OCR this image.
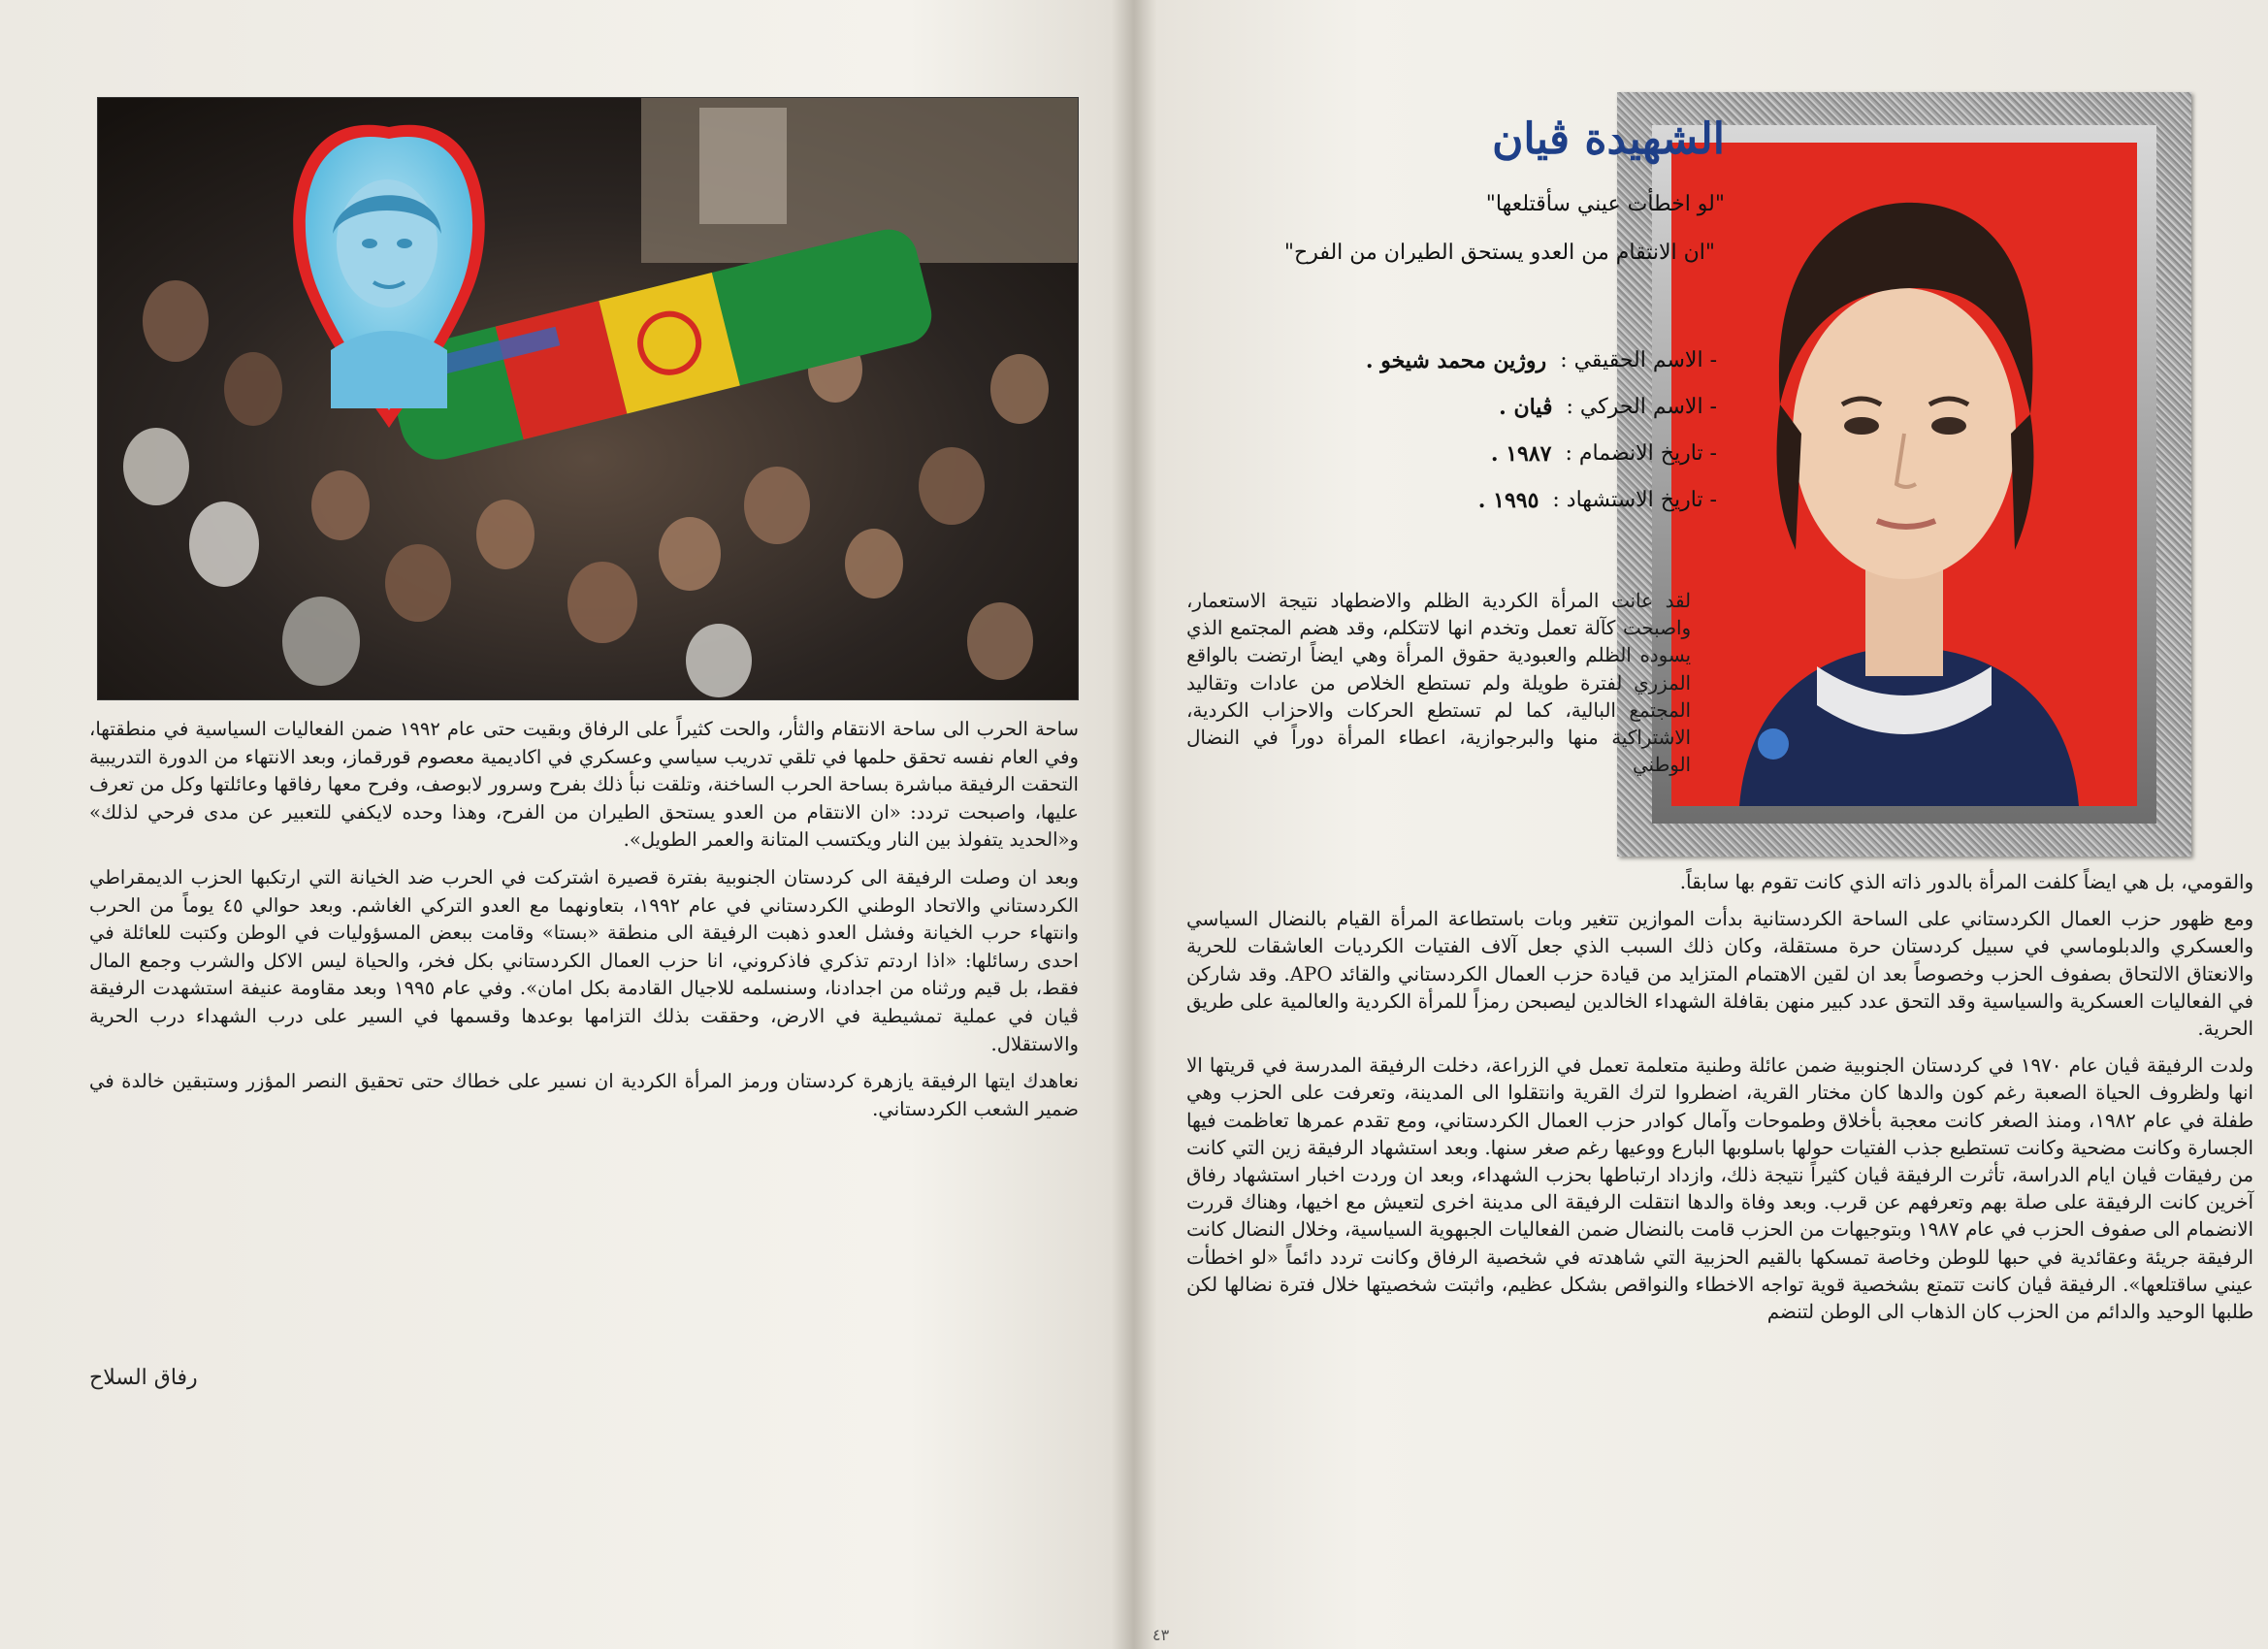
ساحة الحرب الى ساحة الانتقام والثأر، والحت كثيراً على الرفاق وبقيت حتى عام ١٩٩٢ ضمن الفعاليات السياسية في منطقتها، وفي العام نفسه تحقق حلمها في تلقي تدريب سياسي وعسكري في اكاديمية معصوم قورقماز، وبعد الانتهاء من الدورة التدريبية التحقت الرفيقة مباشرة بساحة الحرب الساخنة، وتلقت نبأ ذلك بفرح وسرور لابوصف، وفرح معها رفاقها وعائلتها وكل من تعرف عليها، واصبحت تردد: «ان الانتقام من العدو يستحق الطيران من الفرح، وهذا وحده لايكفي للتعبير عن مدى فرحي لذلك» و«الحديد يتفولذ بين النار ويكتسب المتانة والعمر الطويل».

وبعد ان وصلت الرفيقة الى كردستان الجنوبية بفترة قصيرة اشتركت في الحرب ضد الخيانة التي ارتكبها الحزب الديمقراطي الكردستاني والاتحاد الوطني الكردستاني في عام ١٩٩٢، بتعاونهما مع العدو التركي الغاشم. وبعد حوالي ٤٥ يوماً من الحرب وانتهاء حرب الخيانة وفشل العدو ذهبت الرفيقة الى منطقة «بستا» وقامت ببعض المسؤوليات في الوطن وكتبت للعائلة في احدى رسائلها: «اذا اردتم تذكري فاذكروني، انا حزب العمال الكردستاني بكل فخر، والحياة ليس الاكل والشرب وجمع المال فقط، بل قيم ورثناه من اجدادنا، وسنسلمه للاجيال القادمة بكل امان». وفي عام ١٩٩٥ وبعد مقاومة عنيفة استشهدت الرفيقة ڤيان في عملية تمشيطية في الارض، وحققت بذلك التزامها بوعدها وقسمها في السير على درب الشهداء درب الحرية والاستقلال.

نعاهدك ايتها الرفيقة يازهرة كردستان ورمز المرأة الكردية ان نسير على خطاك حتى تحقيق النصر المؤزر وستبقين خالدة في ضمير الشعب الكردستاني.

رفاق السلاح
الشهيدة ڤيان
"لو اخطأت عيني سأقتلعها"
"ان الانتقام من العدو يستحق الطيران من الفرح"
- الاسم الحقيقي :
روژين محمد شيخو .
- الاسم الحركي :
ڤيان .
- تاريخ الانضمام :
١٩٨٧ .
- تاريخ الاستشهاد :
١٩٩٥ .
لقد عانت المرأة الكردية الظلم والاضطهاد نتيجة الاستعمار، واصبحت كآلة تعمل وتخدم انها لاتتكلم، وقد هضم المجتمع الذي يسوده الظلم والعبودية حقوق المرأة وهي ايضاً ارتضت بالواقع المزري لفترة طويلة ولم تستطع الخلاص من عادات وتقاليد المجتمع البالية، كما لم تستطع الحركات والاحزاب الكردية، الاشتراكية منها والبرجوازية، اعطاء المرأة دوراً في النضال الوطني

والقومي، بل هي ايضاً كلفت المرأة بالدور ذاته الذي كانت تقوم بها سابقاً.

ومع ظهور حزب العمال الكردستاني على الساحة الكردستانية بدأت الموازين تتغير وبات باستطاعة المرأة القيام بالنضال السياسي والعسكري والدبلوماسي في سبيل كردستان حرة مستقلة، وكان ذلك السبب الذي جعل آلاف الفتيات الكرديات العاشقات للحرية والانعتاق الالتحاق بصفوف الحزب وخصوصاً بعد ان لقين الاهتمام المتزايد من قيادة حزب العمال الكردستاني والقائد APO. وقد شاركن في الفعاليات العسكرية والسياسية وقد التحق عدد كبير منهن بقافلة الشهداء الخالدين ليصبحن رمزاً للمرأة الكردية والعالمية على طريق الحرية.

ولدت الرفيقة ڤيان عام ١٩٧٠ في كردستان الجنوبية ضمن عائلة وطنية متعلمة تعمل في الزراعة، دخلت الرفيقة المدرسة في قريتها الا انها ولظروف الحياة الصعبة رغم كون والدها كان مختار القرية، اضطروا لترك القرية وانتقلوا الى المدينة، وتعرفت على الحزب وهي طفلة في عام ١٩٨٢، ومنذ الصغر كانت معجبة بأخلاق وطموحات وآمال كوادر حزب العمال الكردستاني، ومع تقدم عمرها تعاظمت فيها الجسارة وكانت مضحية وكانت تستطيع جذب الفتيات حولها باسلوبها البارع ووعيها رغم صغر سنها. وبعد استشهاد الرفيقة زين التي كانت من رفيقات ڤيان ايام الدراسة، تأثرت الرفيقة ڤيان كثيراً نتيجة ذلك، وازداد ارتباطها بحزب الشهداء، وبعد ان وردت اخبار استشهاد رفاق آخرين كانت الرفيقة على صلة بهم وتعرفهم عن قرب. وبعد وفاة والدها انتقلت الرفيقة الى مدينة اخرى لتعيش مع اخيها، وهناك قررت الانضمام الى صفوف الحزب في عام ١٩٨٧ وبتوجيهات من الحزب قامت بالنضال ضمن الفعاليات الجبهوية السياسية، وخلال النضال كانت الرفيقة جريئة وعقائدية في حبها للوطن وخاصة تمسكها بالقيم الحزبية التي شاهدته في شخصية الرفاق وكانت تردد دائماً «لو اخطأت عيني ساقتلعها». الرفيقة ڤيان كانت تتمتع بشخصية قوية تواجه الاخطاء والنواقص بشكل عظيم، واثبتت شخصيتها خلال فترة نضالها لكن طلبها الوحيد والدائم من الحزب كان الذهاب الى الوطن لتنضم

٤٣
